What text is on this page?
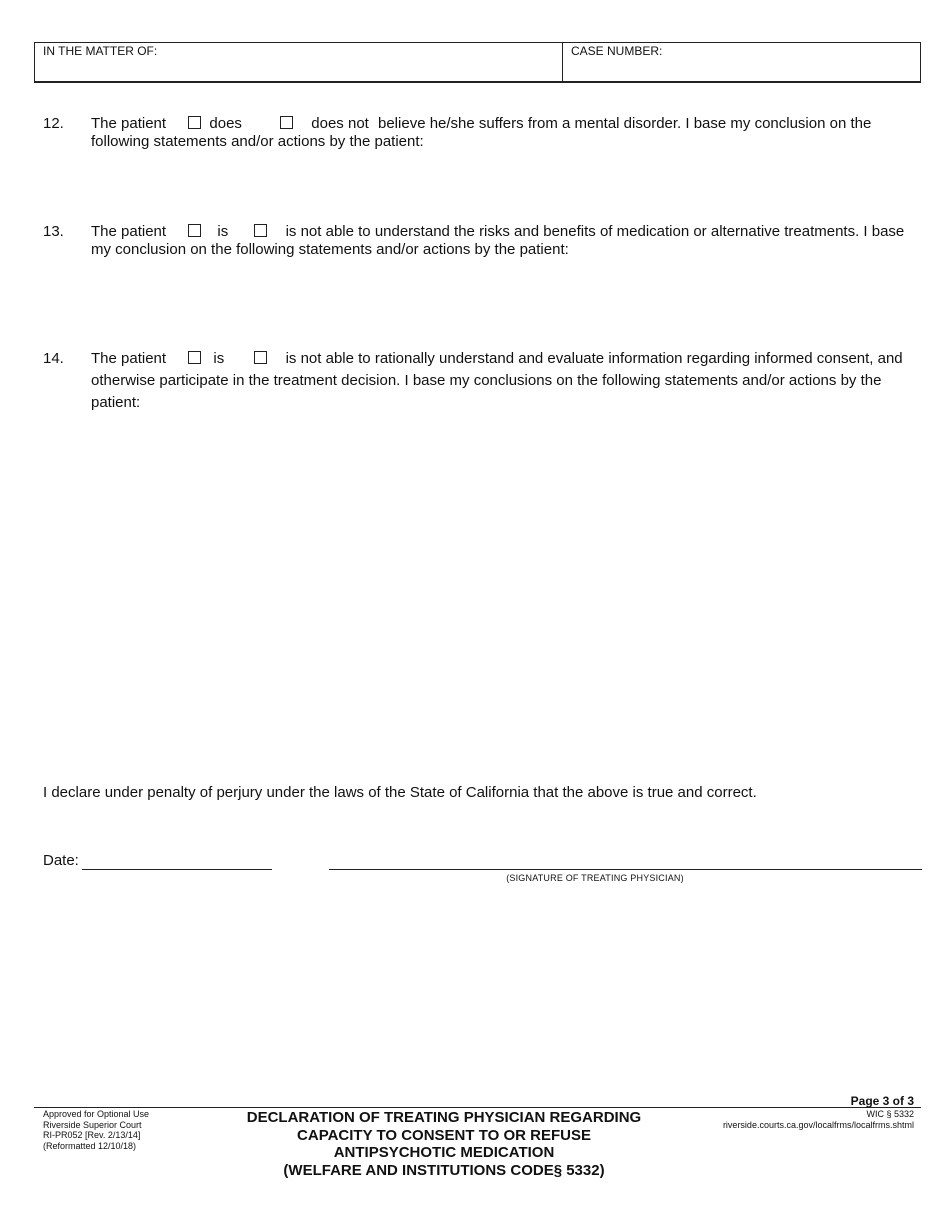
IN THE MATTER OF:	CASE NUMBER:
12. The patient	does	does not believe he/she suffers from a mental disorder. I base my conclusion on the following statements and/or actions by the patient:
13. The patient	is	is not able to understand the risks and benefits of medication or alternative treatments. I base my conclusion on the following statements and/or actions by the patient:
14. The patient	is	is not able to rationally understand and evaluate information regarding informed consent, and otherwise participate in the treatment decision. I base my conclusions on the following statements and/or actions by the patient:
I declare under penalty of perjury under the laws of the State of California that the above is true and correct.
Date:
(SIGNATURE OF TREATING PHYSICIAN)
Page 3 of 3
Approved for Optional Use
Riverside Superior Court
RI-PR052 [Rev. 2/13/14]
(Reformatted 12/10/18)
DECLARATION OF TREATING PHYSICIAN REGARDING
CAPACITY TO CONSENT TO OR REFUSE
ANTIPSYCHOTIC MEDICATION
(WELFARE AND INSTITUTIONS CODE§ 5332)
WIC § 5332
riverside.courts.ca.gov/localfrms/localfrms.shtml
